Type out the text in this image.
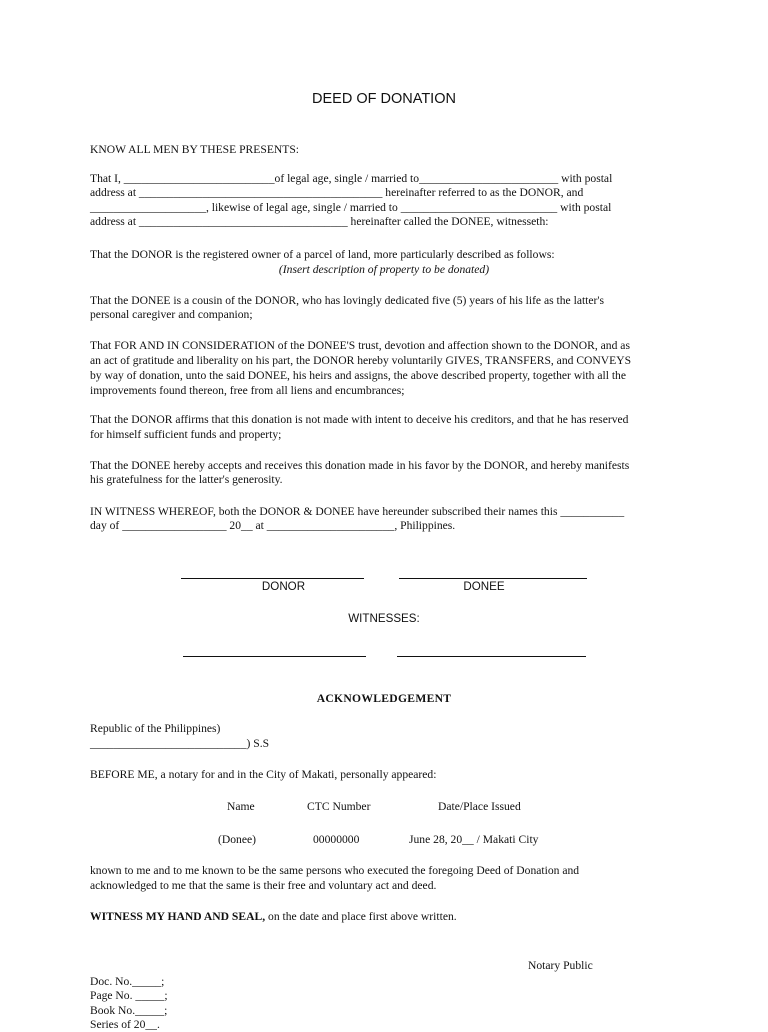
DEED OF DONATION
KNOW ALL MEN BY THESE PRESENTS:
That I, __________________________of legal age, single / married to________________________ with postal
address at __________________________________________ hereinafter referred to as the DONOR, and
____________________, likewise of legal age, single / married to ___________________________ with postal
address at ____________________________________ hereinafter called the DONEE, witnesseth:
That the DONOR is the registered owner of a parcel of land, more particularly described as follows:
(Insert description of property to be donated)
That the DONEE is a cousin of the DONOR, who has lovingly dedicated five (5) years of his life as the latter's
personal caregiver and companion;
That FOR AND IN CONSIDERATION of the DONEE'S trust, devotion and affection shown to the DONOR, and as
an act of gratitude and liberality on his part, the DONOR hereby voluntarily GIVES, TRANSFERS, and CONVEYS
by way of donation, unto the said DONEE, his heirs and assigns, the above described property, together with all the
improvements found thereon, free from all liens and encumbrances;
That the DONOR affirms that this donation is not made with intent to deceive his creditors, and that he has reserved
for himself sufficient funds and property;
That the DONEE hereby accepts and receives this donation made in his favor by the DONOR, and hereby manifests
his gratefulness for the latter's generosity.
IN WITNESS WHEREOF, both the DONOR & DONEE have hereunder subscribed their names this ___________
day of __________________ 20__ at ______________________, Philippines.
DONOR	DONEE
WITNESSES:
ACKNOWLEDGEMENT
Republic of the Philippines)
___________________________) S.S
BEFORE ME, a notary for and in the City of Makati, personally appeared:
Name	CTC Number	Date/Place Issued
(Donee)	00000000	June 28, 20__ / Makati City
known to me and to me known to be the same persons who executed the foregoing Deed of Donation and
acknowledged to me that the same is their free and voluntary act and deed.
WITNESS MY HAND AND SEAL, on the date and place first above written.
Notary Public
Doc. No._____;
Page No. _____;
Book No._____;
Series of 20__.
